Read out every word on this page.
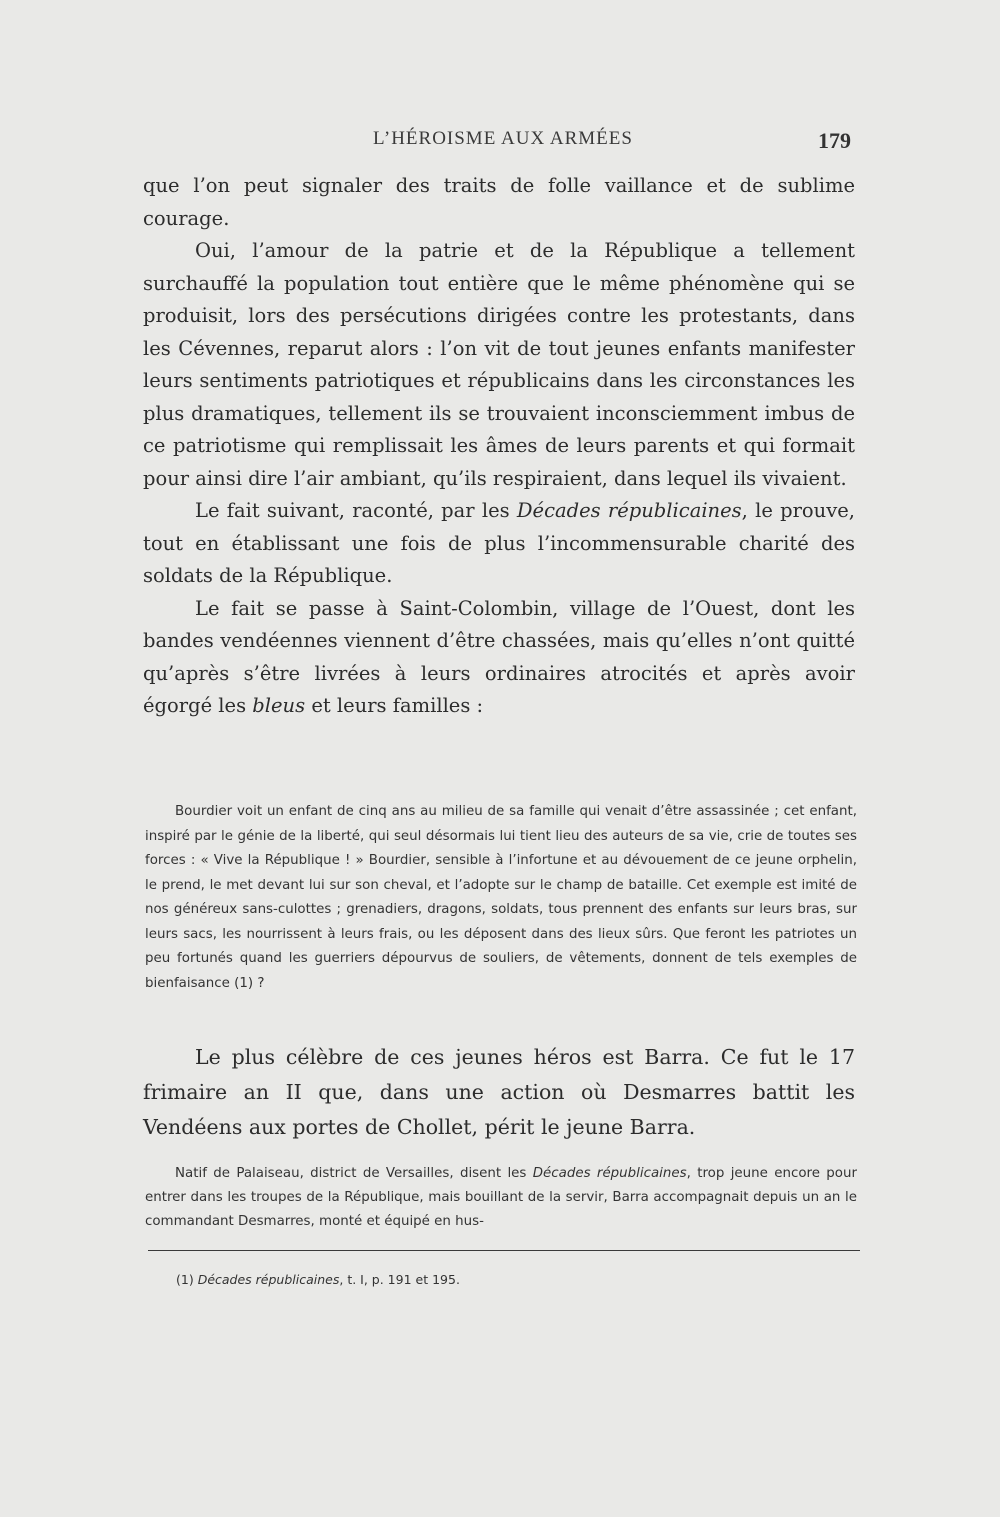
L’HÉROISME AUX ARMÉES	179

que l’on peut signaler des traits de folle vaillance et de sublime courage.

Oui, l’amour de la patrie et de la République a tellement surchauffé la population tout entière que le même phénomène qui se produisit, lors des persécutions dirigées contre les protestants, dans les Cévennes, reparut alors : l’on vit de tout jeunes enfants manifester leurs sentiments patriotiques et républicains dans les circonstances les plus dramatiques, tellement ils se trouvaient inconsciemment imbus de ce patriotisme qui remplissait les âmes de leurs parents et qui formait pour ainsi dire l’air ambiant, qu’ils respiraient, dans lequel ils vivaient.

Le fait suivant, raconté, par les Décades républicaines, le prouve, tout en établissant une fois de plus l’incommensurable charité des soldats de la République.

Le fait se passe à Saint-Colombin, village de l’Ouest, dont les bandes vendéennes viennent d’être chassées, mais qu’elles n’ont quitté qu’après s’être livrées à leurs ordinaires atrocités et après avoir égorgé les bleus et leurs familles :

Bourdier voit un enfant de cinq ans au milieu de sa famille qui venait d’être assassinée ; cet enfant, inspiré par le génie de la liberté, qui seul désormais lui tient lieu des auteurs de sa vie, crie de toutes ses forces : « Vive la République ! » Bourdier, sensible à l’infortune et au dévouement de ce jeune orphelin, le prend, le met devant lui sur son cheval, et l’adopte sur le champ de bataille. Cet exemple est imité de nos généreux sans-culottes ; grenadiers, dragons, soldats, tous prennent des enfants sur leurs bras, sur leurs sacs, les nourrissent à leurs frais, ou les déposent dans des lieux sûrs. Que feront les patriotes un peu fortunés quand les guerriers dépourvus de souliers, de vêtements, donnent de tels exemples de bienfaisance (1) ?
Le plus célèbre de ces jeunes héros est Barra. Ce fut le 17 frimaire an II que, dans une action où Desmarres battit les Vendéens aux portes de Chollet, périt le jeune Barra.
Natif de Palaiseau, district de Versailles, disent les Décades républicaines, trop jeune encore pour entrer dans les troupes de la République, mais bouillant de la servir, Barra accompagnait depuis un an le commandant Desmarres, monté et équipé en hus-
(1) Décades républicaines, t. I, p. 191 et 195.
